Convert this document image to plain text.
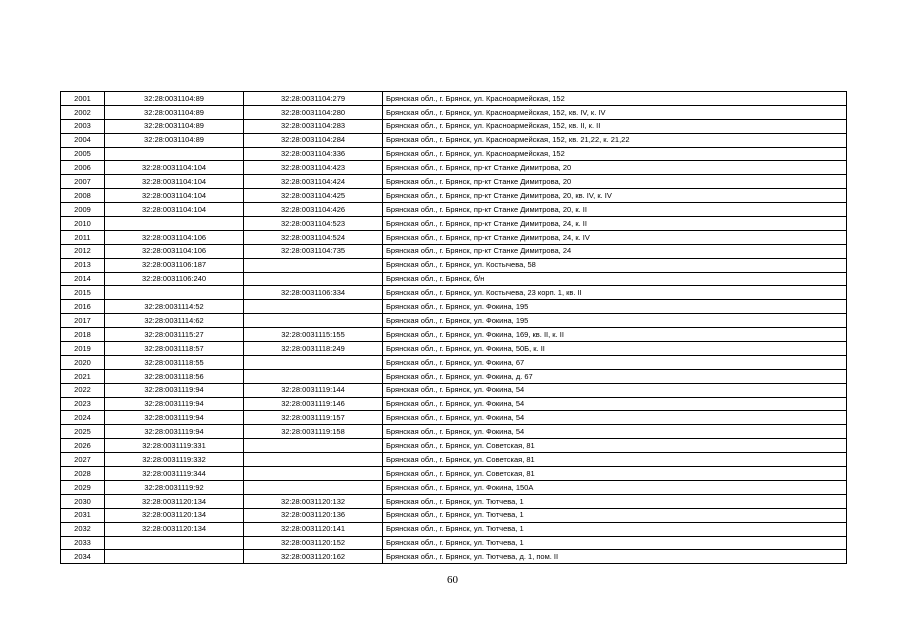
2001	32:28:0031104:89	32:28:0031104:279	Брянская обл., г. Брянск, ул. Красноармейская, 152
2002	32:28:0031104:89	32:28:0031104:280	Брянская обл., г. Брянск, ул. Красноармейская, 152, кв. IV, к. IV
2003	32:28:0031104:89	32:28:0031104:283	Брянская обл., г. Брянск, ул. Красноармейская, 152, кв. II, к. II
2004	32:28:0031104:89	32:28:0031104:284	Брянская обл., г. Брянск, ул. Красноармейская, 152, кв. 21,22, к. 21,22
2005		32:28:0031104:336	Брянская обл., г. Брянск, ул. Красноармейская, 152
2006	32:28:0031104:104	32:28:0031104:423	Брянская обл., г. Брянск, пр-кт Станке Димитрова, 20
2007	32:28:0031104:104	32:28:0031104:424	Брянская обл., г. Брянск, пр-кт Станке Димитрова, 20
2008	32:28:0031104:104	32:28:0031104:425	Брянская обл., г. Брянск, пр-кт Станке Димитрова, 20, кв. IV, к. IV
2009	32:28:0031104:104	32:28:0031104:426	Брянская обл., г. Брянск, пр-кт Станке Димитрова, 20, к. II
2010		32:28:0031104:523	Брянская обл., г. Брянск, пр-кт Станке Димитрова, 24, к. II
2011	32:28:0031104:106	32:28:0031104:524	Брянская обл., г. Брянск, пр-кт Станке Димитрова, 24, к. IV
2012	32:28:0031104:106	32:28:0031104:735	Брянская обл., г. Брянск, пр-кт Станке Димитрова, 24
2013	32:28:0031106:187		Брянская обл., г. Брянск, ул. Костычева, 58
2014	32:28:0031106:240		Брянская обл., г. Брянск, б/н
2015		32:28:0031106:334	Брянская обл., г. Брянск, ул. Костычева, 23 корп. 1, кв. II
2016	32:28:0031114:52		Брянская обл., г. Брянск, ул. Фокина, 195
2017	32:28:0031114:62		Брянская обл., г. Брянск, ул. Фокина, 195
2018	32:28:0031115:27	32:28:0031115:155	Брянская обл., г. Брянск, ул. Фокина, 169, кв. II, к. II
2019	32:28:0031118:57	32:28:0031118:249	Брянская обл., г. Брянск, ул. Фокина, 50Б, к. II
2020	32:28:0031118:55		Брянская обл., г. Брянск, ул. Фокина, 67
2021	32:28:0031118:56		Брянская обл., г. Брянск, ул. Фокина, д. 67
2022	32:28:0031119:94	32:28:0031119:144	Брянская обл., г. Брянск, ул. Фокина, 54
2023	32:28:0031119:94	32:28:0031119:146	Брянская обл., г. Брянск, ул. Фокина, 54
2024	32:28:0031119:94	32:28:0031119:157	Брянская обл., г. Брянск, ул. Фокина, 54
2025	32:28:0031119:94	32:28:0031119:158	Брянская обл., г. Брянск, ул. Фокина, 54
2026	32:28:0031119:331		Брянская обл., г. Брянск, ул. Советская, 81
2027	32:28:0031119:332		Брянская обл., г. Брянск, ул. Советская, 81
2028	32:28:0031119:344		Брянская обл., г. Брянск, ул. Советская, 81
2029	32:28:0031119:92		Брянская обл., г. Брянск, ул. Фокина, 150А
2030	32:28:0031120:134	32:28:0031120:132	Брянская обл., г. Брянск, ул. Тютчева, 1
2031	32:28:0031120:134	32:28:0031120:136	Брянская обл., г. Брянск, ул. Тютчева, 1
2032	32:28:0031120:134	32:28:0031120:141	Брянская обл., г. Брянск, ул. Тютчева, 1
2033		32:28:0031120:152	Брянская обл., г. Брянск, ул. Тютчева, 1
2034		32:28:0031120:162	Брянская обл., г. Брянск, ул. Тютчева, д. 1, пом. II
60
